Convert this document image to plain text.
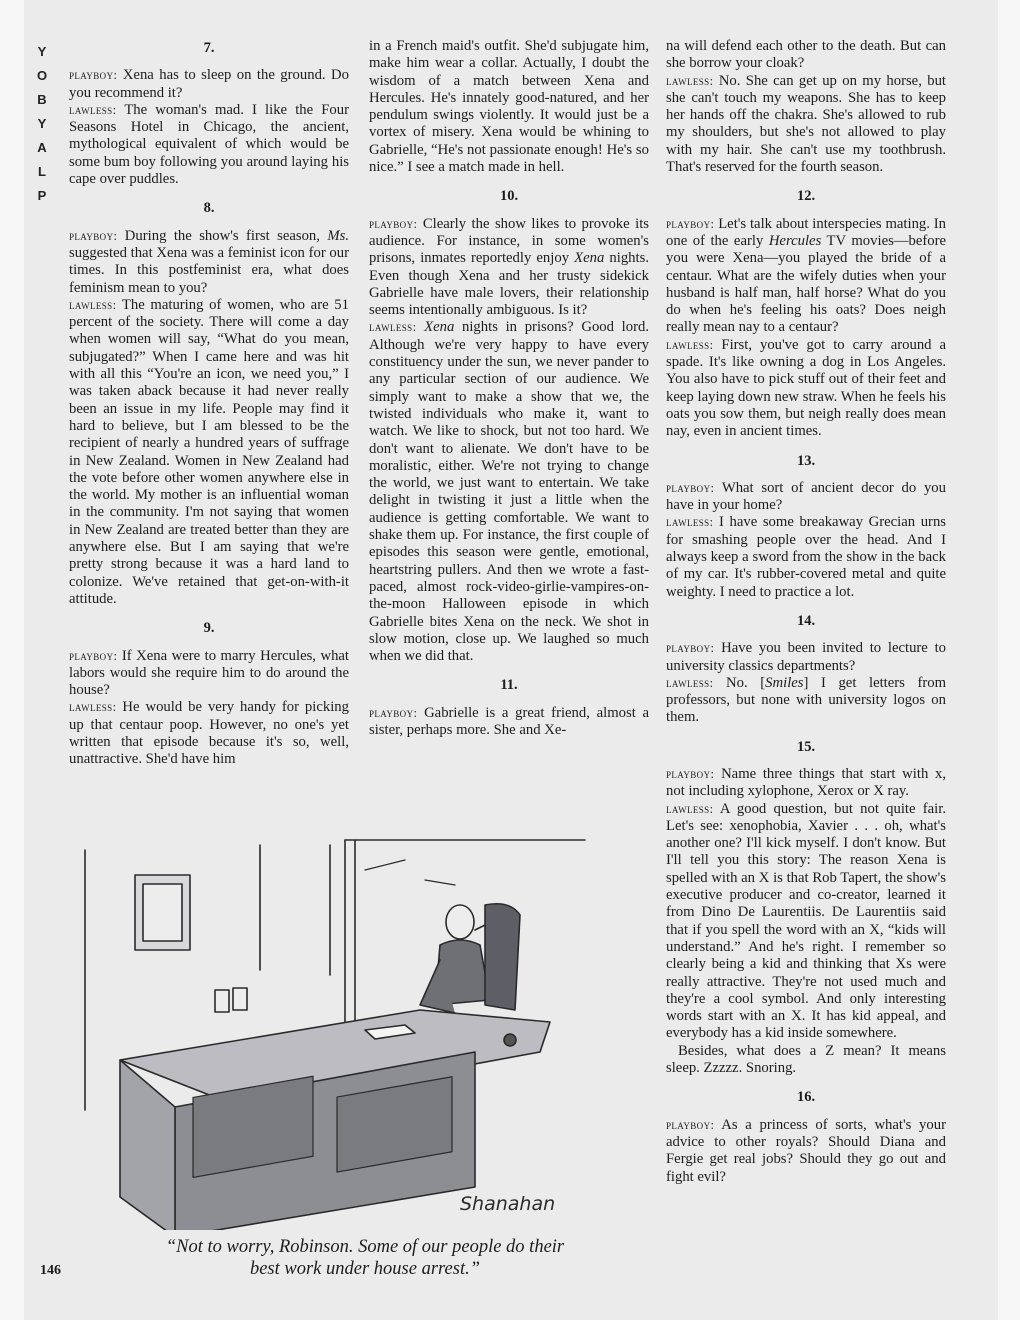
Y
O
B
Y
A
L
P
7.

playboy: Xena has to sleep on the ground. Do you recommend it?

lawless: The woman's mad. I like the Four Seasons Hotel in Chicago, the ancient, mythological equivalent of which would be some bum boy following you around laying his cape over puddles.

8.

playboy: During the show's first season, Ms. suggested that Xena was a feminist icon for our times. In this postfeminist era, what does feminism mean to you?

lawless: The maturing of women, who are 51 percent of the society. There will come a day when women will say, “What do you mean, subjugated?” When I came here and was hit with all this “You're an icon, we need you,” I was taken aback because it had never really been an issue in my life. People may find it hard to believe, but I am blessed to be the recipient of nearly a hundred years of suffrage in New Zealand. Women in New Zealand had the vote before other women anywhere else in the world. My mother is an influential woman in the community. I'm not saying that women in New Zealand are treated better than they are anywhere else. But I am saying that we're pretty strong because it was a hard land to colonize. We've retained that get-on-with-it attitude.

9.

playboy: If Xena were to marry Hercules, what labors would she require him to do around the house?

lawless: He would be very handy for picking up that centaur poop. However, no one's yet written that episode because it's so, well, unattractive. She'd have him

in a French maid's outfit. She'd subjugate him, make him wear a collar. Actually, I doubt the wisdom of a match between Xena and Hercules. He's innately good-natured, and her pendulum swings violently. It would just be a vortex of misery. Xena would be whining to Gabrielle, “He's not passionate enough! He's so nice.” I see a match made in hell.

10.

playboy: Clearly the show likes to provoke its audience. For instance, in some women's prisons, inmates reportedly enjoy Xena nights. Even though Xena and her trusty sidekick Gabrielle have male lovers, their relationship seems intentionally ambiguous. Is it?

lawless: Xena nights in prisons? Good lord. Although we're very happy to have every constituency under the sun, we never pander to any particular section of our audience. We simply want to make a show that we, the twisted individuals who make it, want to watch. We like to shock, but not too hard. We don't want to alienate. We don't have to be moralistic, either. We're not trying to change the world, we just want to entertain. We take delight in twisting it just a little when the audience is getting comfortable. We want to shake them up. For instance, the first couple of episodes this season were gentle, emotional, heartstring pullers. And then we wrote a fast-paced, almost rock-video-girlie-vampires-on-the-moon Halloween episode in which Gabrielle bites Xena on the neck. We shot in slow motion, close up. We laughed so much when we did that.

11.

playboy: Gabrielle is a great friend, almost a sister, perhaps more. She and Xe-

na will defend each other to the death. But can she borrow your cloak?

lawless: No. She can get up on my horse, but she can't touch my weapons. She has to keep her hands off the chakra. She's allowed to rub my shoulders, but she's not allowed to play with my hair. She can't use my toothbrush. That's reserved for the fourth season.

12.

playboy: Let's talk about interspecies mating. In one of the early Hercules TV movies—before you were Xena—you played the bride of a centaur. What are the wifely duties when your husband is half man, half horse? What do you do when he's feeling his oats? Does neigh really mean nay to a centaur?

lawless: First, you've got to carry around a spade. It's like owning a dog in Los Angeles. You also have to pick stuff out of their feet and keep laying down new straw. When he feels his oats you sow them, but neigh really does mean nay, even in ancient times.

13.

playboy: What sort of ancient decor do you have in your home?

lawless: I have some breakaway Grecian urns for smashing people over the head. And I always keep a sword from the show in the back of my car. It's rubber-covered metal and quite weighty. I need to practice a lot.

14.

playboy: Have you been invited to lecture to university classics departments?

lawless: No. [Smiles] I get letters from professors, but none with university logos on them.

15.

playboy: Name three things that start with x, not including xylophone, Xerox or X ray.

lawless: A good question, but not quite fair. Let's see: xenophobia, Xavier . . . oh, what's another one? I'll kick myself. I don't know. But I'll tell you this story: The reason Xena is spelled with an X is that Rob Tapert, the show's executive producer and co-creator, learned it from Dino De Laurentiis. De Laurentiis said that if you spell the word with an X, “kids will understand.” And he's right. I remember so clearly being a kid and thinking that Xs were really attractive. They're not used much and they're a cool symbol. And only interesting words start with an X. It has kid appeal, and everybody has a kid inside somewhere.

Besides, what does a Z mean? It means sleep. Zzzzz. Snoring.

16.

playboy: As a princess of sorts, what's your advice to other royals? Should Diana and Fergie get real jobs? Should they go out and fight evil?

Shanahan
“Not to worry, Robinson. Some of our people do their
best work under house arrest.”
146
